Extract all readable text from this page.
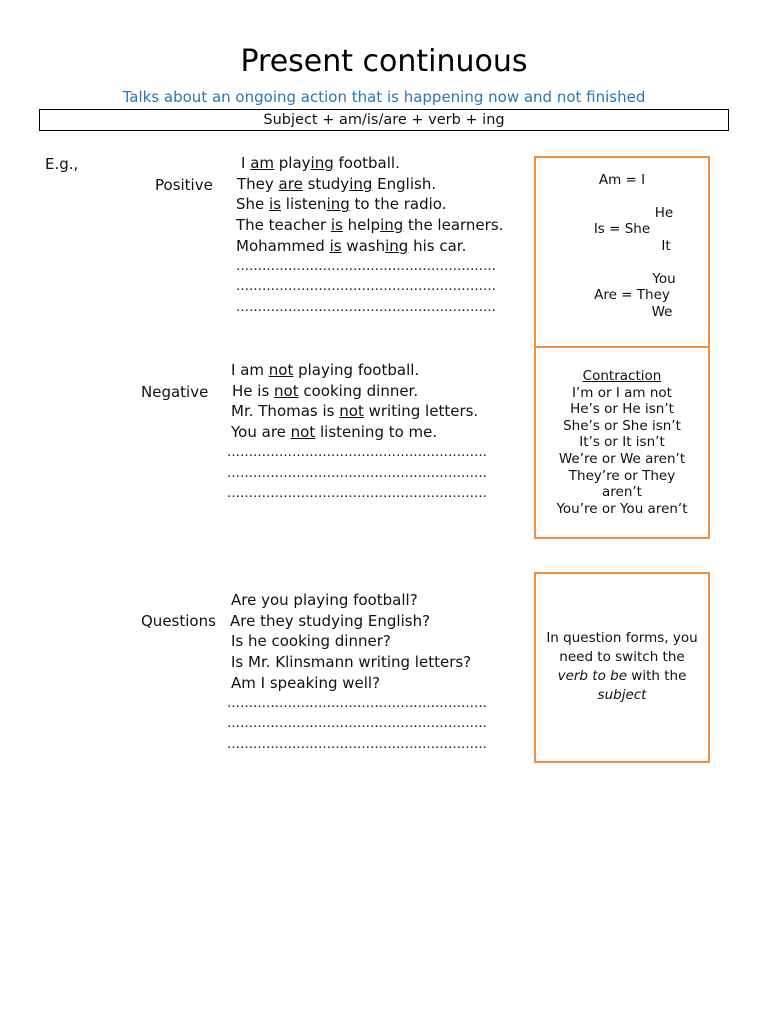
Present continuous
Talks about an ongoing action that is happening now and not finished
Subject + am/is/are + verb + ing
E.g.,
Positive
I am playing football.
They are studying English.
She is listening to the radio.
The teacher is helping the learners.
Mohammed is washing his car.
……………………………………………………
……………………………………………………
……………………………………………………
Negative
I am not playing football.
He is not cooking dinner.
Mr. Thomas is not writing letters.
You are not listening to me.
……………………………………………………
……………………………………………………
……………………………………………………
Questions
Are you playing football?
Are they studying English?
Is he cooking dinner?
Is Mr. Klinsmann writing letters?
Am I speaking well?
……………………………………………………
……………………………………………………
……………………………………………………
Am = I
He
Is = She
It
You
Are = They
We
Contraction
I’m or I am not
He’s or He isn’t
She’s or She isn’t
It’s or It isn’t
We’re or We aren’t
They’re or They
aren’t
You’re or You aren’t
In question forms, you
need to switch the
verb to be with the
subject
